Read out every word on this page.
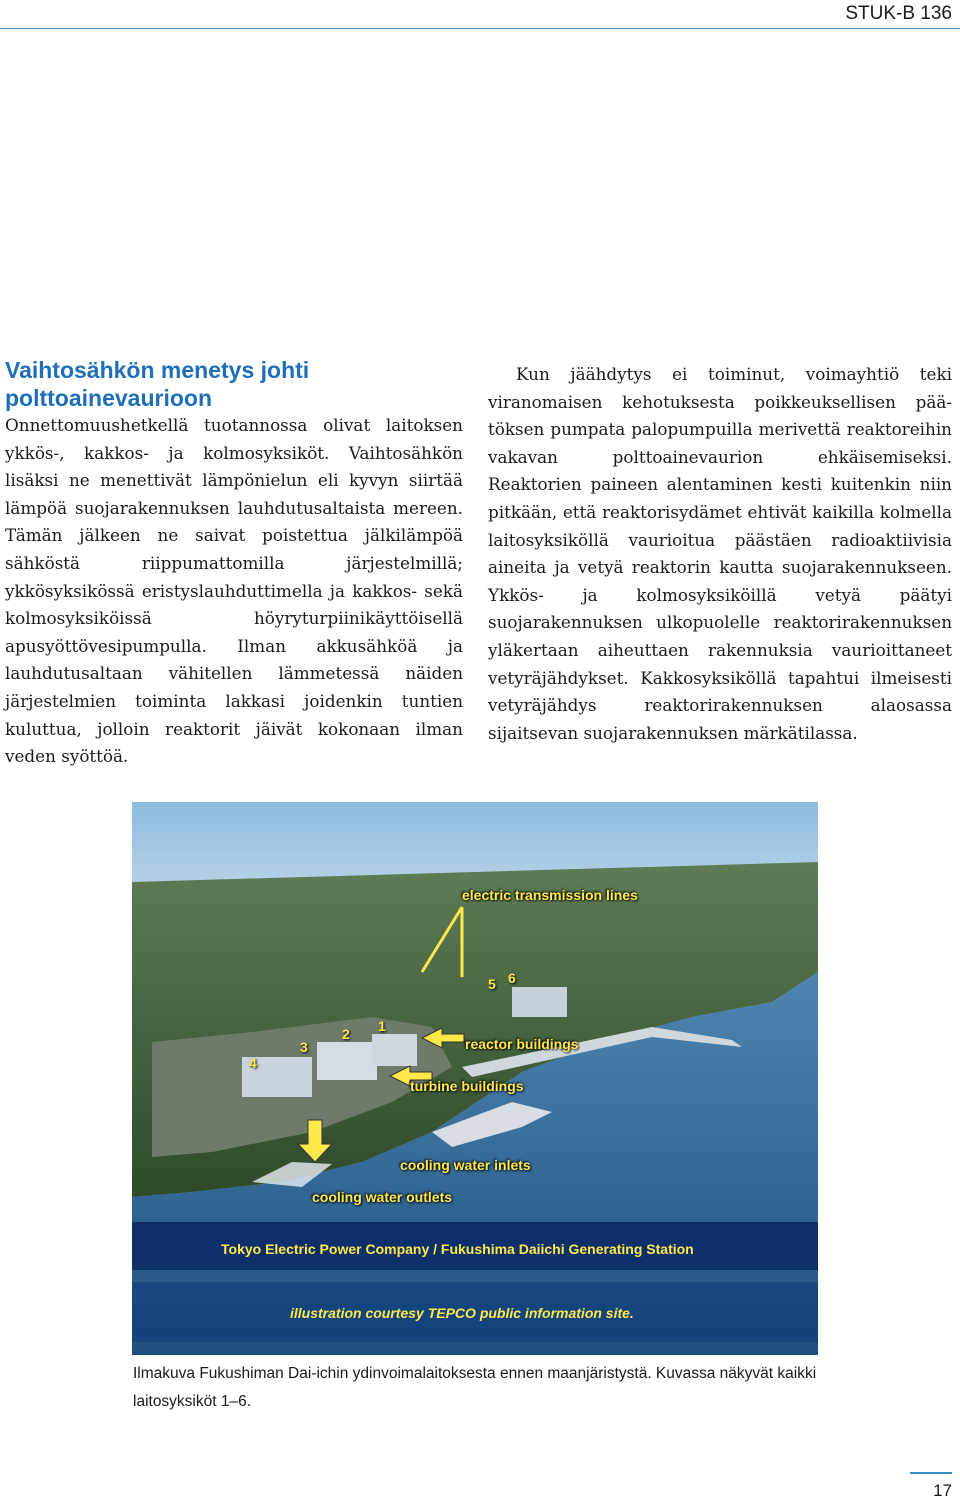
STUK-B 136
Vaihtosähkön menetys johti polttoainevaurioon

Onnettomuushetkellä tuotannossa olivat laitoksen ykkös-, kakkos- ja kolmosyksiköt. Vaihtosähkön lisäksi ne menettivät lämpönielun eli kyvyn siirtää lämpöä suojarakennuksen lauhdutusaltaista mereen. Tämän jälkeen ne saivat poistettua jälkilämpöä sähköstä riippumattomilla järjestelmillä; ykkösyksikössä eristyslauhduttimella ja kakkos- sekä kolmosyksiköissä höyryturpiinikäyttöisellä apusyöttövesipumpulla. Ilman akkusähköä ja lauhdutusaltaan vähitellen lämmetessä näiden järjestelmien toiminta lakkasi joidenkin tuntien kuluttua, jolloin reaktorit jäivät kokonaan ilman veden syöttöä.

Kun jäähdytys ei toiminut, voimayhtiö teki viranomaisen kehotuksesta poikkeuksellisen päätöksen pumpata palopumpuilla merivettä reaktoreihin vakavan polttoainevaurion ehkäisemiseksi. Reaktorien paineen alentaminen kesti kuitenkin niin pitkään, että reaktorisydämet ehtivät kaikilla kolmella laitosyksiköllä vaurioitua päästäen radioaktiivisia aineita ja vetyä reaktorin kautta suojarakennukseen. Ykkös- ja kolmosyksiköillä vetyä päätyi suojarakennuksen ulkopuolelle reaktorirakennuksen yläkertaan aiheuttaen rakennuksia vaurioittaneet vetyräjähdykset. Kakkosyksiköllä tapahtui ilmeisesti vetyräjähdys reaktorirakennuksen alaosassa sijaitsevan suojarakennuksen märkätilassa.

electric transmission lines
reactor buildings
turbine buildings
cooling water inlets
cooling water outlets
4
3
2 1
5 6
Tokyo Electric Power Company / Fukushima Daiichi Generating Station
illustration courtesy TEPCO public information site.
Ilmakuva Fukushiman Dai-ichin ydinvoimalaitoksesta ennen maanjäristystä. Kuvassa näkyvät kaikki laitosyksiköt 1–6.
17
